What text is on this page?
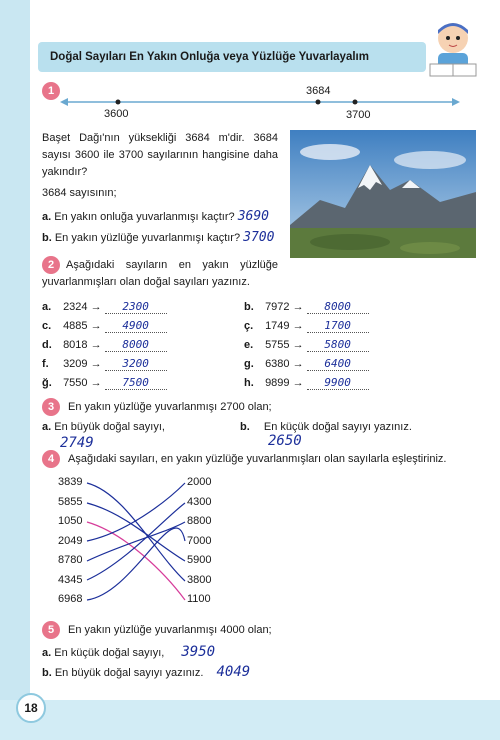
18
Doğal Sayıları En Yakın Onluğa veya Yüzlüğe Yuvarlayalım
1
3600
3684
3700
Başet Dağı'nın yüksekliği 3684 m'dir. 3684 sayısı 3600 ile 3700 sayılarının hangisine daha yakındır?
3684 sayısının;
a. En yakın onluğa yuvarlanmışı kaçtır? 3690
b. En yakın yüzlüğe yuvarlanmışı kaçtır? 3700
2	Aşağıdaki sayıların en yakın yüzlüğe yuvarlanmışları olan doğal sayıları yazınız.
a. 2324 → 2300
c. 4885 → 4900
d. 8018 → 8000
f. 3209 → 3200
ğ. 7550 → 7500
b. 7972 → 8000
ç. 1749 → 1700
e. 5755 → 5800
g. 6380 → 6400
h. 9899 → 9900
3	En yakın yüzlüğe yuvarlanmışı 2700 olan;
a. En büyük doğal sayıyı,
2749
b. En küçük doğal sayıyı yazınız.
2650
4	Aşağıdaki sayıları, en yakın yüzlüğe yuvarlanmışları olan sayılarla eşleştiriniz.
3839
5855
1050
2049
8780
4345
6968
2000
4300
8800
7000
5900
3800
1100
5	En yakın yüzlüğe yuvarlanmışı 4000 olan;
a. En küçük doğal sayıyı, 3950
b. En büyük doğal sayıyı yazınız. 4049
